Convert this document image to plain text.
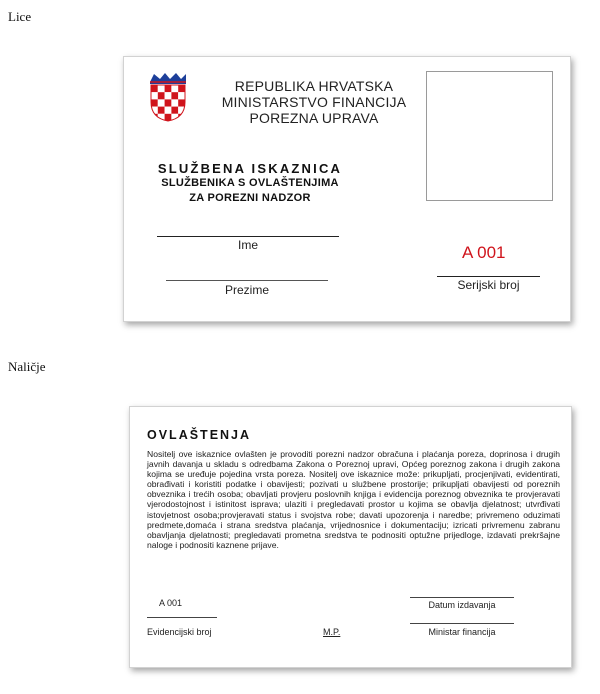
Lice
REPUBLIKA HRVATSKA
MINISTARSTVO FINANCIJA
POREZNA UPRAVA
SLUŽBENA ISKAZNICA
SLUŽBENIKA S OVLAŠTENJIMA
ZA POREZNI NADZOR
Ime
Prezime
A 001
Serijski broj
Naličje
OVLAŠTENJA
Nositelj ove iskaznice ovlašten je provoditi porezni nadzor obračuna i plaćanja poreza, doprinosa i drugih javnih davanja u skladu s odredbama Zakona o Poreznoj upravi, Općeg poreznog zakona i drugih zakona kojima se uređuje pojedina vrsta poreza. Nositelj ove iskaznice može: prikupljati, procjenjivati, evidentirati, obrađivati i koristiti podatke i obavijesti; pozivati u službene prostorije; prikupljati obavijesti od poreznih obveznika i trećih osoba; obavljati provjeru poslovnih knjiga i evidencija poreznog obveznika te provjeravati vjerodostojnost i istinitost isprava; ulaziti i pregledavati prostor u kojima se obavlja djelatnost; utvrđivati istovjetnost osoba;provjeravati status i svojstva robe; davati upozorenja i naredbe; privremeno oduzimati predmete,domaća i strana sredstva plaćanja, vrijednosnice i dokumentaciju; izricati privremenu zabranu obavljanja djelatnosti; pregledavati prometna sredstva te podnositi optužne prijedloge, izdavati prekršajne naloge i podnositi kaznene prijave.
A 001
Evidencijski broj	M.P.
Datum izdavanja
Ministar financija
